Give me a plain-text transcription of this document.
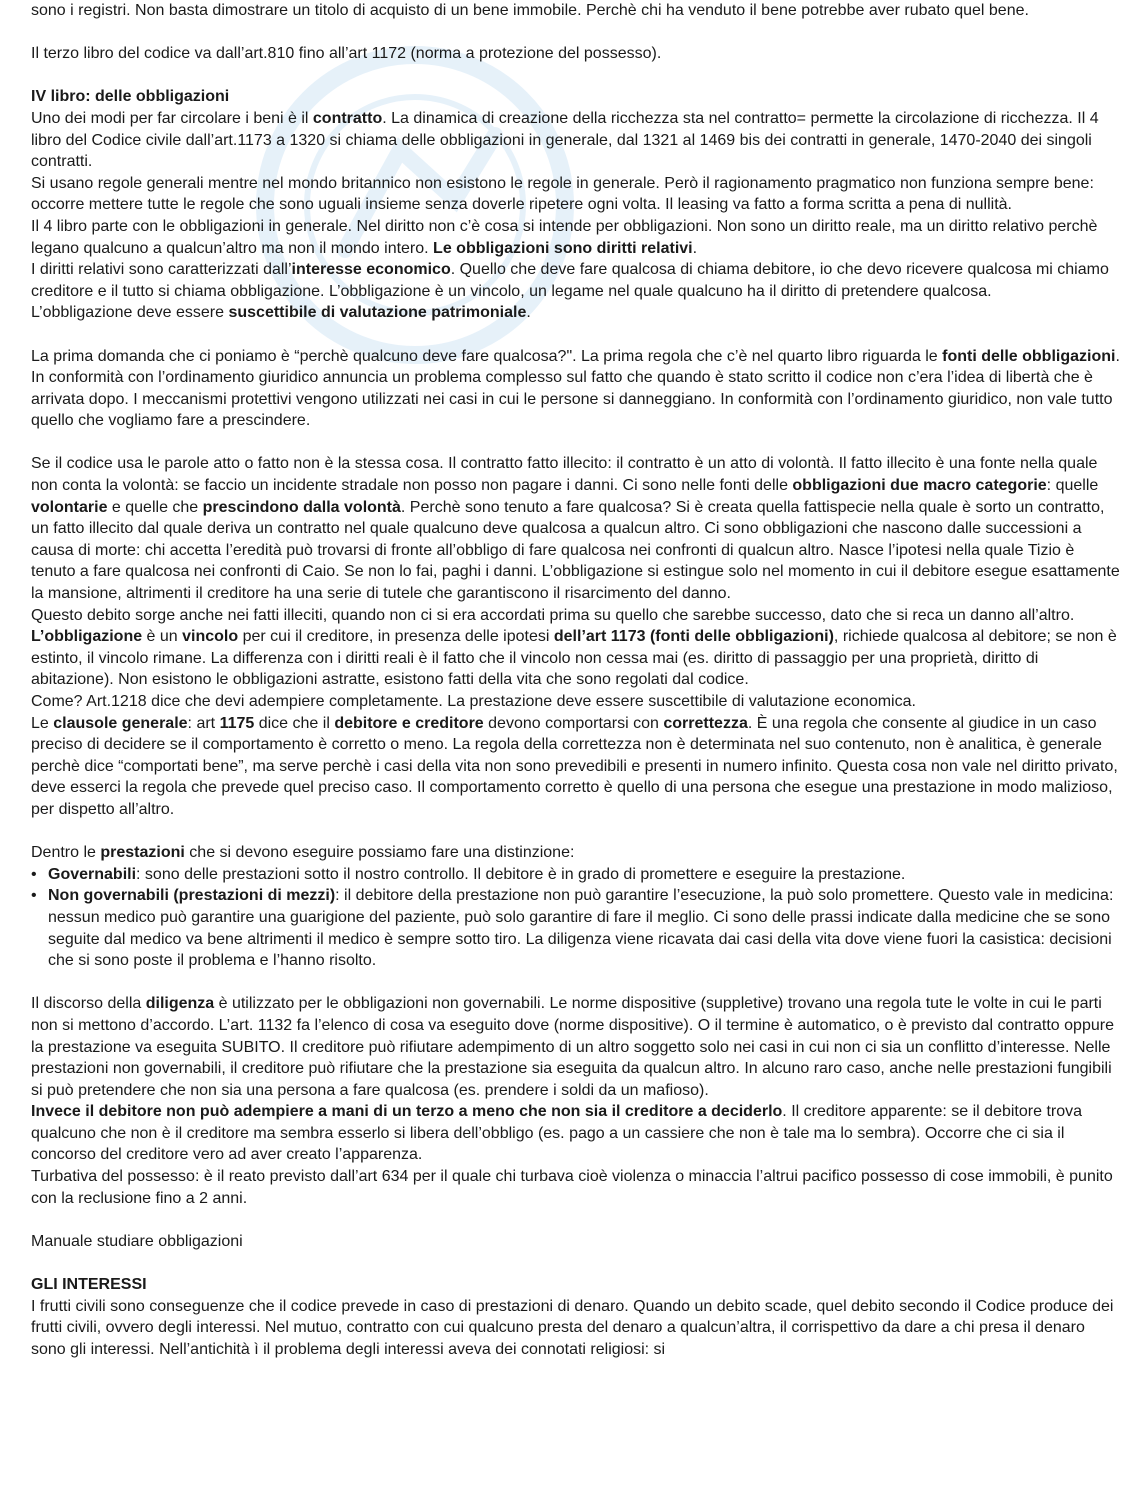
sono i registri. Non basta dimostrare un titolo di acquisto di un bene immobile. Perchè chi ha venduto il bene potrebbe aver rubato quel bene.

Il terzo libro del codice va dall’art.810 fino all’art 1172 (norma a protezione del possesso).

IV libro: delle obbligazioni

Uno dei modi per far circolare i beni è il contratto. La dinamica di creazione della ricchezza sta nel contratto= permette la circolazione di ricchezza. Il 4 libro del Codice civile dall’art.1173 a 1320 si chiama delle obbligazioni in generale, dal 1321 al 1469 bis dei contratti in generale, 1470-2040 dei singoli contratti.

Si usano regole generali mentre nel mondo britannico non esistono le regole in generale. Però il ragionamento pragmatico non funziona sempre bene: occorre mettere tutte le regole che sono uguali insieme senza doverle ripetere ogni volta. Il leasing va fatto a forma scritta a pena di nullità.

Il 4 libro parte con le obbligazioni in generale. Nel diritto non c’è cosa si intende per obbligazioni. Non sono un diritto reale, ma un diritto relativo perchè legano qualcuno a qualcun’altro ma non il mondo intero. Le obbligazioni sono diritti relativi.

I diritti relativi sono caratterizzati dall’interesse economico. Quello che deve fare qualcosa di chiama debitore, io che devo ricevere qualcosa mi chiamo creditore e il tutto si chiama obbligazione. L’obbligazione è un vincolo, un legame nel quale qualcuno ha il diritto di pretendere qualcosa.

L’obbligazione deve essere suscettibile di valutazione patrimoniale.

La prima domanda che ci poniamo è “perchè qualcuno deve fare qualcosa?". La prima regola che c’è nel quarto libro riguarda le fonti delle obbligazioni. In conformità con l’ordinamento giuridico annuncia un problema complesso sul fatto che quando è stato scritto il codice non c’era l’idea di libertà che è arrivata dopo. I meccanismi protettivi vengono utilizzati nei casi in cui le persone si danneggiano. In conformità con l’ordinamento giuridico, non vale tutto quello che vogliamo fare a prescindere.

Se il codice usa le parole atto o fatto non è la stessa cosa. Il contratto fatto illecito: il contratto è un atto di volontà. Il fatto illecito è una fonte nella quale non conta la volontà: se faccio un incidente stradale non posso non pagare i danni. Ci sono nelle fonti delle obbligazioni due macro categorie: quelle volontarie e quelle che prescindono dalla volontà. Perchè sono tenuto a fare qualcosa? Si è creata quella fattispecie nella quale è sorto un contratto, un fatto illecito dal quale deriva un contratto nel quale qualcuno deve qualcosa a qualcun altro. Ci sono obbligazioni che nascono dalle successioni a causa di morte: chi accetta l’eredità può trovarsi di fronte all’obbligo di fare qualcosa nei confronti di qualcun altro. Nasce l’ipotesi nella quale Tizio è tenuto a fare qualcosa nei confronti di Caio. Se non lo fai, paghi i danni. L’obbligazione si estingue solo nel momento in cui il debitore esegue esattamente la mansione, altrimenti il creditore ha una serie di tutele che garantiscono il risarcimento del danno.

Questo debito sorge anche nei fatti illeciti, quando non ci si era accordati prima su quello che sarebbe successo, dato che si reca un danno all’altro. L’obbligazione è un vincolo per cui il creditore, in presenza delle ipotesi dell’art 1173 (fonti delle obbligazioni), richiede qualcosa al debitore; se non è estinto, il vincolo rimane. La differenza con i diritti reali è il fatto che il vincolo non cessa mai (es. diritto di passaggio per una proprietà, diritto di abitazione). Non esistono le obbligazioni astratte, esistono fatti della vita che sono regolati dal codice.

Come? Art.1218 dice che devi adempiere completamente. La prestazione deve essere suscettibile di valutazione economica.

Le clausole generale: art 1175 dice che il debitore e creditore devono comportarsi con correttezza. È una regola che consente al giudice in un caso preciso di decidere se il comportamento è corretto o meno. La regola della correttezza non è determinata nel suo contenuto, non è analitica, è generale perchè dice “comportati bene”, ma serve perchè i casi della vita non sono prevedibili e presenti in numero infinito. Questa cosa non vale nel diritto privato, deve esserci la regola che prevede quel preciso caso. Il comportamento corretto è quello di una persona che esegue una prestazione in modo malizioso, per dispetto all’altro.

Dentro le prestazioni che si devono eseguire possiamo fare una distinzione:

• Governabili: sono delle prestazioni sotto il nostro controllo. Il debitore è in grado di promettere e eseguire la prestazione.
• Non governabili (prestazioni di mezzi): il debitore della prestazione non può garantire l’esecuzione, la può solo promettere. Questo vale in medicina: nessun medico può garantire una guarigione del paziente, può solo garantire di fare il meglio. Ci sono delle prassi indicate dalla medicine che se sono seguite dal medico va bene altrimenti il medico è sempre sotto tiro. La diligenza viene ricavata dai casi della vita dove viene fuori la casistica: decisioni che si sono poste il problema e l’hanno risolto.

Il discorso della diligenza è utilizzato per le obbligazioni non governabili. Le norme dispositive (suppletive) trovano una regola tute le volte in cui le parti non si mettono d’accordo. L’art. 1132 fa l’elenco di cosa va eseguito dove (norme dispositive). O il termine è automatico, o è previsto dal contratto oppure la prestazione va eseguita SUBITO. Il creditore può rifiutare adempimento di un altro soggetto solo nei casi in cui non ci sia un conflitto d’interesse. Nelle prestazioni non governabili, il creditore può rifiutare che la prestazione sia eseguita da qualcun altro. In alcuno raro caso, anche nelle prestazioni fungibili si può pretendere che non sia una persona a fare qualcosa (es. prendere i soldi da un mafioso).

Invece il debitore non può adempiere a mani di un terzo a meno che non sia il creditore a deciderlo. Il creditore apparente: se il debitore trova qualcuno che non è il creditore ma sembra esserlo si libera dell’obbligo (es. pago a un cassiere che non è tale ma lo sembra). Occorre che ci sia il concorso del creditore vero ad aver creato l’apparenza.

Turbativa del possesso: è il reato previsto dall’art 634 per il quale chi turbava cioè violenza o minaccia l’altrui pacifico possesso di cose immobili, è punito con la reclusione fino a 2 anni.

Manuale studiare obbligazioni

GLI INTERESSI

I frutti civili sono conseguenze che il codice prevede in caso di prestazioni di denaro. Quando un debito scade, quel debito secondo il Codice produce dei frutti civili, ovvero degli interessi. Nel mutuo, contratto con cui qualcuno presta del denaro a qualcun’altra, il corrispettivo da dare a chi presa il denaro sono gli interessi. Nell’antichità ì il problema degli interessi aveva dei connotati religiosi: si
